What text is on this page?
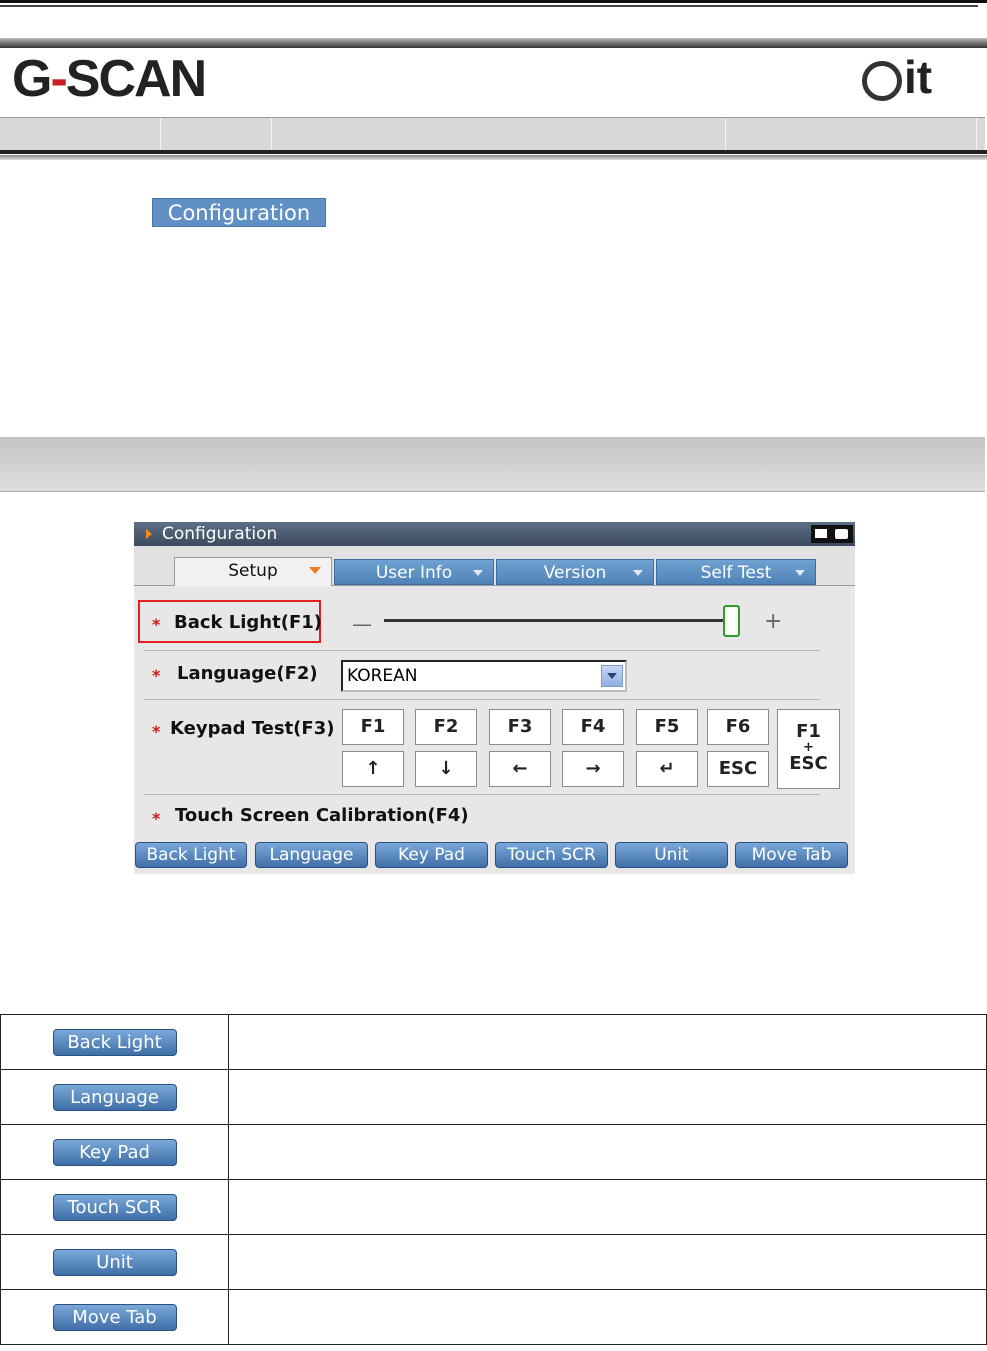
G-SCAN	it
Configuration
Configuration
Setup	User Info	Version	Self Test
* Back Light(F1) —	+
* Language(F2)	KOREAN
* Keypad Test(F3)	F1	F2	F3	F4	F5	F6
↑	↓	←	→	↵	ESC
F1
+
ESC
* Touch Screen Calibration(F4)
Back Light	Language	Key Pad	Touch SCR	Unit	Move Tab
Back Light	
Language	
Key Pad	
Touch SCR	
Unit	
Move Tab	
